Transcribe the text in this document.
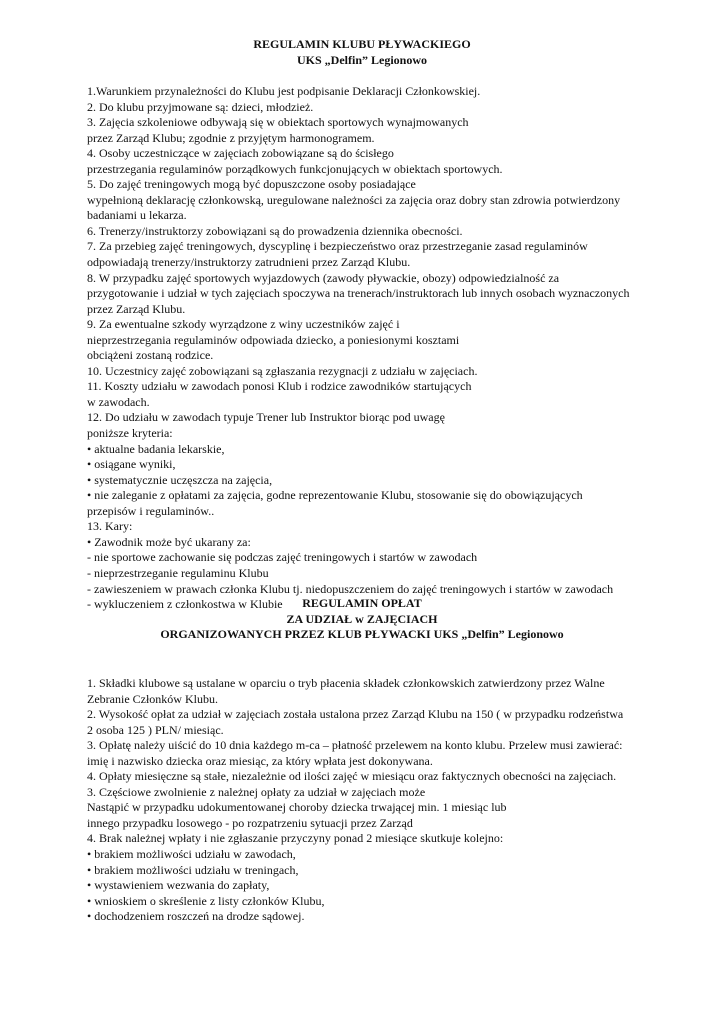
REGULAMIN KLUBU PŁYWACKIEGO
UKS „Delfin” Legionowo
1.Warunkiem przynależności do Klubu jest podpisanie Deklaracji Członkowskiej.
2. Do klubu przyjmowane są: dzieci, młodzież.
3. Zajęcia szkoleniowe odbywają się w obiektach sportowych wynajmowanych
przez Zarząd Klubu; zgodnie z przyjętym harmonogramem.
4. Osoby uczestniczące w zajęciach zobowiązane są do ścisłego
przestrzegania regulaminów porządkowych funkcjonujących w obiektach sportowych.
5. Do zajęć treningowych mogą być dopuszczone osoby posiadające
wypełnioną deklarację członkowską, uregulowane należności za zajęcia oraz dobry stan zdrowia potwierdzony
badaniami u lekarza.
6. Trenerzy/instruktorzy zobowiązani są do prowadzenia dziennika obecności.
7. Za przebieg zajęć treningowych, dyscyplinę i bezpieczeństwo oraz przestrzeganie zasad regulaminów
odpowiadają trenerzy/instruktorzy zatrudnieni przez Zarząd Klubu.
8. W przypadku zajęć sportowych wyjazdowych (zawody pływackie, obozy) odpowiedzialność za
przygotowanie i udział w tych zajęciach spoczywa na trenerach/instruktorach lub innych osobach wyznaczonych
przez Zarząd Klubu.
9. Za ewentualne szkody wyrządzone z winy uczestników zajęć i
nieprzestrzegania regulaminów odpowiada dziecko, a poniesionymi kosztami
obciążeni zostaną rodzice.
10. Uczestnicy zajęć zobowiązani są zgłaszania rezygnacji z udziału w zajęciach.
11. Koszty udziału w zawodach ponosi Klub i rodzice zawodników startujących
w zawodach.
12. Do udziału w zawodach typuje Trener lub Instruktor biorąc pod uwagę
poniższe kryteria:
• aktualne badania lekarskie,
• osiągane wyniki,
• systematycznie uczęszcza na zajęcia,
• nie zaleganie z opłatami za zajęcia, godne reprezentowanie Klubu, stosowanie się do obowiązujących
przepisów i regulaminów..
13. Kary:
• Zawodnik może być ukarany za:
- nie sportowe zachowanie się podczas zajęć treningowych i startów w zawodach
- nieprzestrzeganie regulaminu Klubu
- zawieszeniem w prawach członka Klubu tj. niedopuszczeniem do zajęć treningowych i startów w zawodach
- wykluczeniem z członkostwa w Klubie	REGULAMIN OPŁAT
ZA UDZIAŁ w ZAJĘCIACH
ORGANIZOWANYCH PRZEZ KLUB PŁYWACKI UKS „Delfin” Legionowo
1. Składki klubowe są ustalane w oparciu o tryb płacenia składek członkowskich zatwierdzony przez Walne
Zebranie Członków Klubu.
2. Wysokość opłat za udział w zajęciach została ustalona przez Zarząd Klubu na 150 ( w przypadku rodzeństwa
2 osoba 125 ) PLN/ miesiąc.
3. Opłatę należy uiścić do 10 dnia każdego m-ca – płatność przelewem na konto klubu. Przelew musi zawierać:
imię i nazwisko dziecka oraz miesiąc, za który wpłata jest dokonywana.
4. Opłaty miesięczne są stałe, niezależnie od ilości zajęć w miesiącu oraz faktycznych obecności na zajęciach.
3. Częściowe zwolnienie z należnej opłaty za udział w zajęciach może
Nastąpić w przypadku udokumentowanej choroby dziecka trwającej min. 1 miesiąc lub
innego przypadku losowego - po rozpatrzeniu sytuacji przez Zarząd
4. Brak należnej wpłaty i nie zgłaszanie przyczyny ponad 2 miesiące skutkuje kolejno:
• brakiem możliwości udziału w zawodach,
• brakiem możliwości udziału w treningach,
• wystawieniem wezwania do zapłaty,
• wnioskiem o skreślenie z listy członków Klubu,
• dochodzeniem roszczeń na drodze sądowej.
